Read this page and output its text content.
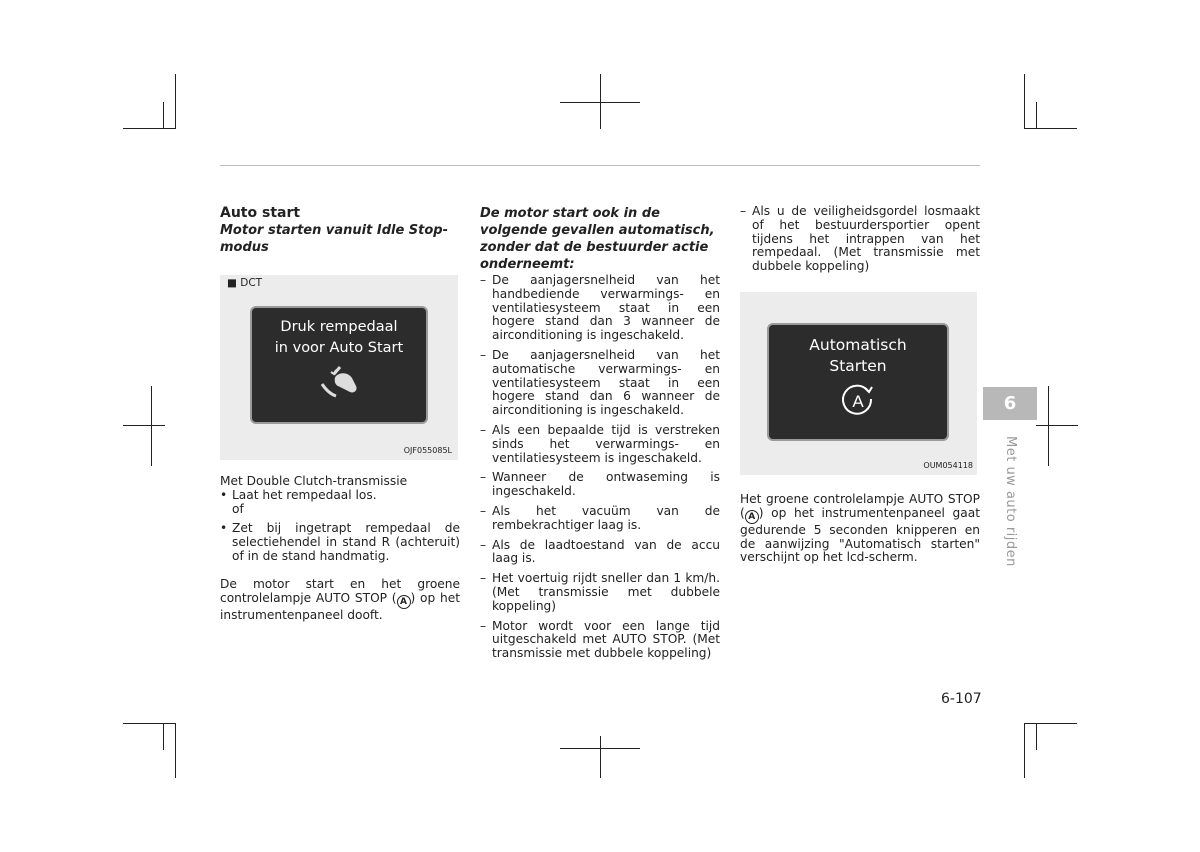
Auto start
Motor starten vanuit Idle Stop-modus
■ DCT
Druk rempedaal
in voor Auto Start
OJF055085L
Met Double Clutch-transmissie
• Laat het rempedaal los.
of
• Zet bij ingetrapt rempedaal de selectiehendel in stand R (achteruit) of in de stand handmatig.
De motor start en het groene controlelampje AUTO STOP ( A ) op het instrumentenpaneel dooft.
De motor start ook in de volgende gevallen automatisch, zonder dat de bestuurder actie onderneemt:
– De aanjagersnelheid van het handbediende verwarmings- en ventilatiesysteem staat in een hogere stand dan 3 wanneer de airconditioning is ingeschakeld.
– De aanjagersnelheid van het automatische verwarmings- en ventilatiesysteem staat in een hogere stand dan 6 wanneer de airconditioning is ingeschakeld.
– Als een bepaalde tijd is verstreken sinds het verwarmings- en ventilatiesysteem is ingeschakeld.
– Wanneer de ontwaseming is ingeschakeld.
– Als het vacuüm van de rembekrachtiger laag is.
– Als de laadtoestand van de accu laag is.
– Het voertuig rijdt sneller dan 1 km/h. (Met transmissie met dubbele koppeling)
– Motor wordt voor een lange tijd uitgeschakeld met AUTO STOP. (Met transmissie met dubbele koppeling)
– Als u de veiligheidsgordel losmaakt of het bestuurdersportier opent tijdens het intrappen van het rempedaal. (Met transmissie met dubbele koppeling)
Automatisch
Starten
A
OUM054118
Het groene controlelampje AUTO STOP ( A ) op het instrumentenpaneel gaat gedurende 5 seconden knipperen en de aanwijzing "Automatisch starten" verschijnt op het lcd-scherm.
6
Met uw auto rijden
6-107
